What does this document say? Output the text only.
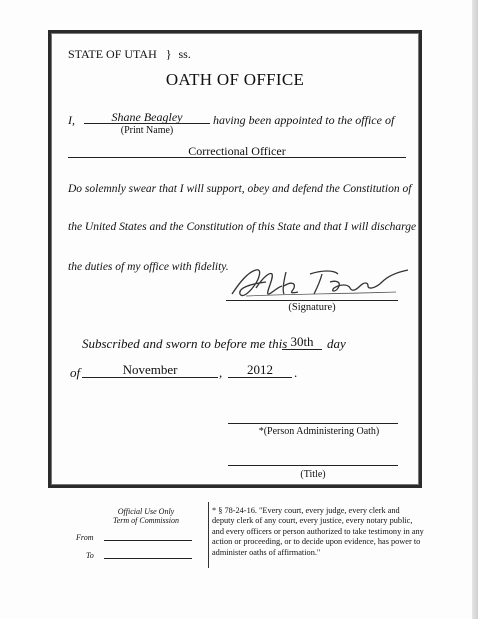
STATE OF UTAH } ss.
OATH OF OFFICE
I,	Shane Beagley
(Print Name)
having been appointed to the office of
Correctional Officer
Do solemnly swear that I will support, obey and defend the Constitution of
the United States and the Constitution of this State and that I will discharge
the duties of my office with fidelity.
(Signature)
Subscribed and sworn to before me this 30th	day
of	November	,	2012	.
*(Person Administering Oath)
(Title)
Official Use Only
Term of Commission
From
To
* § 78-24-16. "Every court, every judge, every clerk and deputy clerk of any court, every justice, every notary public, and every officers or person authorized to take testimony in any action or proceeding, or to decide upon evidence, has power to administer oaths of affirmation."
